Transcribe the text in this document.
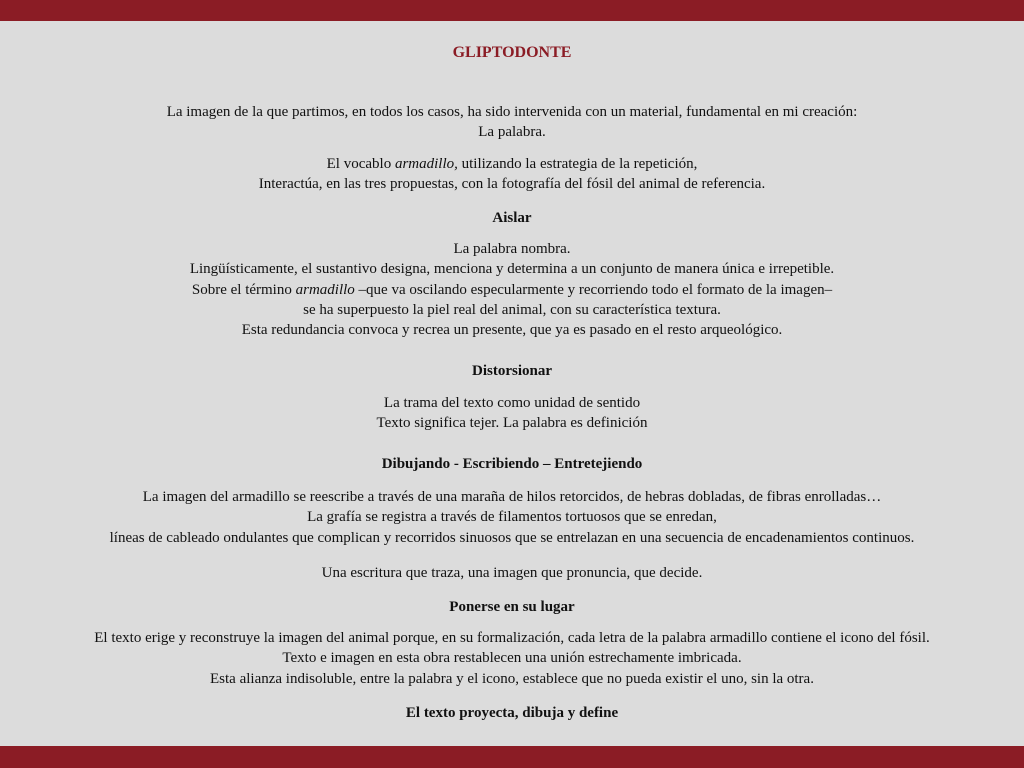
GLIPTODONTE
La imagen de la que partimos, en todos los casos, ha sido intervenida con un material, fundamental en mi creación:
La palabra.
El vocablo armadillo, utilizando la estrategia de la repetición,
Interactúa, en las tres propuestas, con la fotografía del fósil del animal de referencia.
Aislar
La palabra nombra.
Lingüísticamente, el sustantivo designa, menciona y determina a un conjunto de manera única e irrepetible.
Sobre el término armadillo –que va oscilando especularmente y recorriendo todo el formato de la imagen–
se ha superpuesto la piel real del animal, con su característica textura.
Esta redundancia convoca y recrea un presente, que ya es pasado en el resto arqueológico.
Distorsionar
La trama del texto como unidad de sentido
Texto significa tejer. La palabra es definición
Dibujando - Escribiendo – Entretejiendo
La imagen del armadillo se reescribe a través de una maraña de hilos retorcidos, de hebras dobladas, de fibras enrolladas…
La grafía se registra a través de filamentos tortuosos que se enredan,
líneas de cableado ondulantes que complican y recorridos sinuosos que se entrelazan en una secuencia de encadenamientos continuos.
Una escritura que traza, una imagen que pronuncia, que decide.
Ponerse en su lugar
El texto erige y reconstruye la imagen del animal porque, en su formalización, cada letra de la palabra armadillo contiene el icono del fósil.
Texto e imagen en esta obra restablecen una unión estrechamente imbricada.
Esta alianza indisoluble, entre la palabra y el icono, establece que no pueda existir el uno, sin la otra.
El texto proyecta, dibuja y define
